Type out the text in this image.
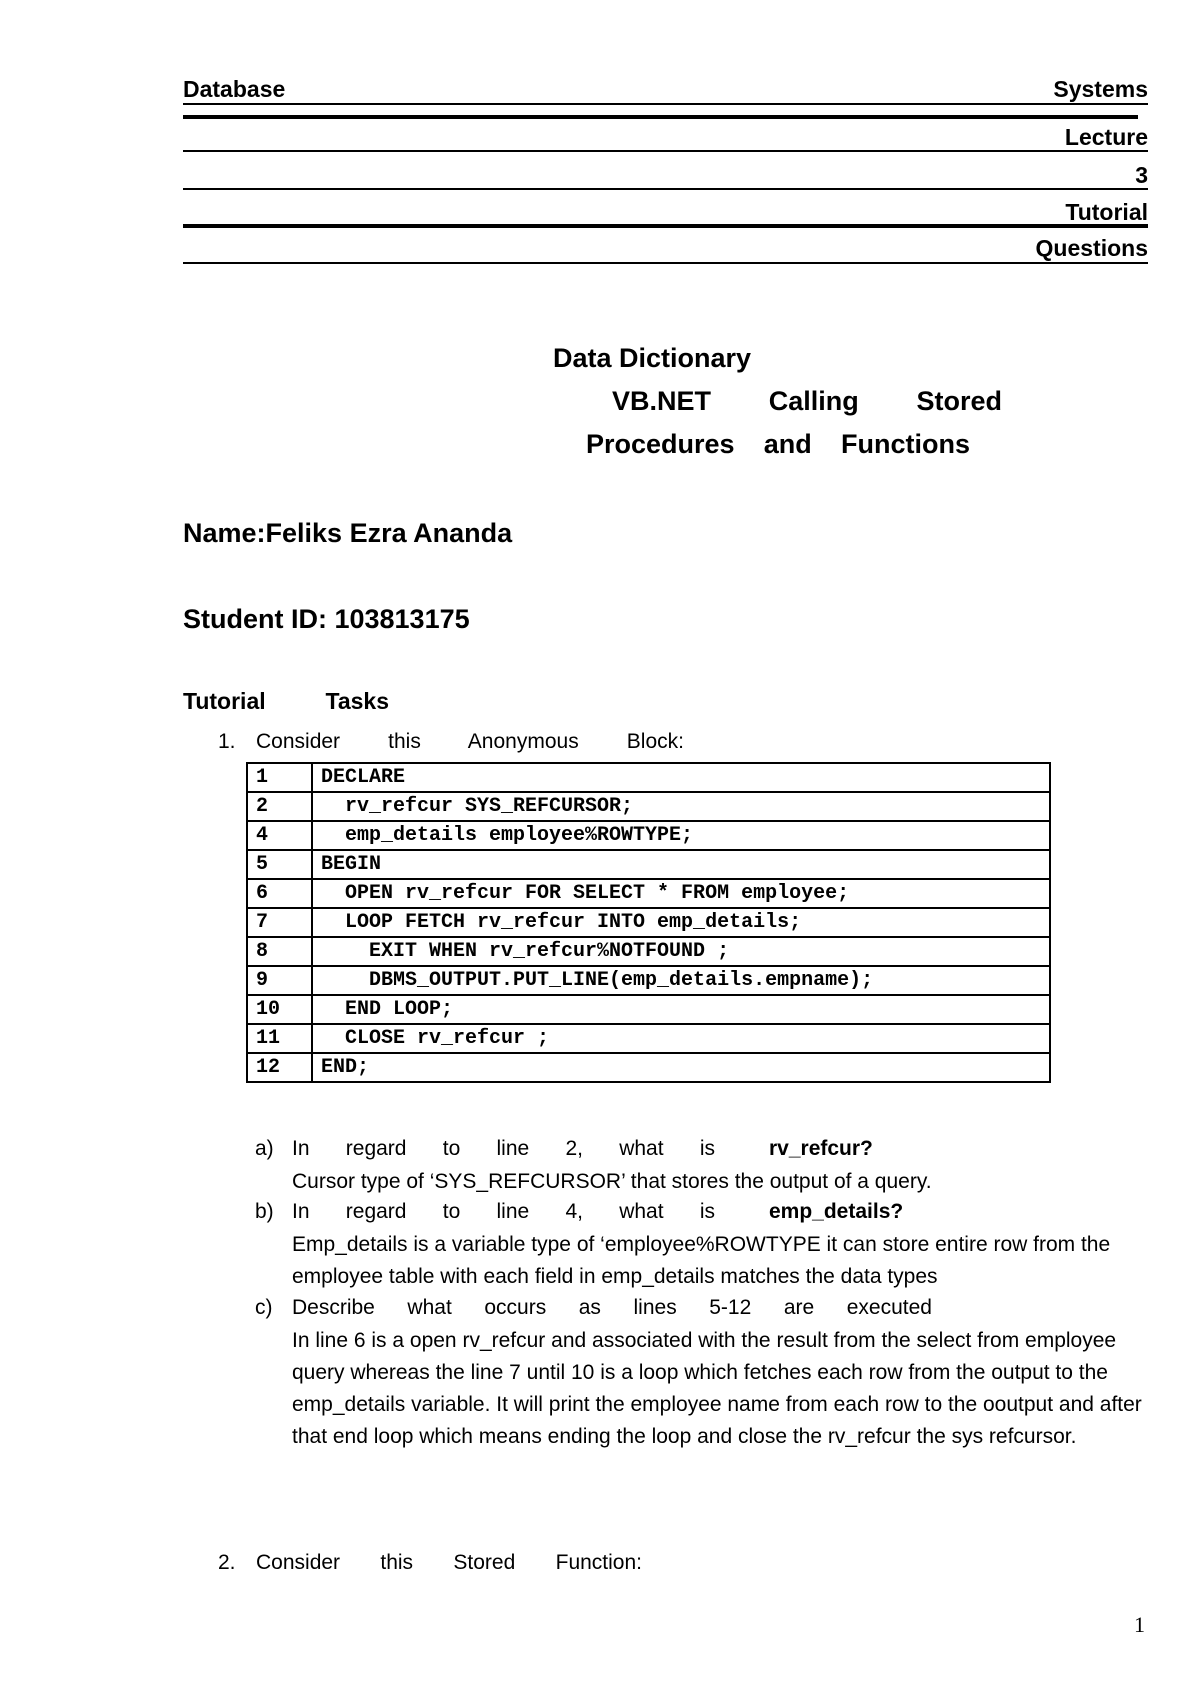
Database	Systems
Lecture
3
Tutorial
Questions
Data Dictionary
VB.NET Calling Stored
Procedures and Functions
Name:Feliks Ezra Ananda
Student ID: 103813175
Tutorial Tasks
1. Consider this Anonymous Block:
1	DECLARE
2	rv_refcur SYS_REFCURSOR;
4	emp_details employee%ROWTYPE;
5	BEGIN
6	OPEN rv_refcur FOR SELECT * FROM employee;
7	LOOP FETCH rv_refcur INTO emp_details;
8	EXIT WHEN rv_refcur%NOTFOUND ;
9	DBMS_OUTPUT.PUT_LINE(emp_details.empname);
10	END LOOP;
11	CLOSE rv_refcur ;
12	END;
a) In regard to line 2, what is	rv_refcur?
Cursor type of ‘SYS_REFCURSOR’ that stores the output of a query.
b) In regard to line 4, what is	emp_details?
Emp_details is a variable type of ‘employee%ROWTYPE it can store entire row from the employee table with each field in emp_details matches the data types
c) Describe what occurs as lines 5-12 are executed
In line 6 is a open rv_refcur and associated with the result from the select from employee query whereas the line 7 until 10 is a loop which fetches each row from the output to the emp_details variable. It will print the employee name from each row to the ooutput and after that end loop which means ending the loop and close the rv_refcur the sys refcursor.
2. Consider this Stored Function:
1
